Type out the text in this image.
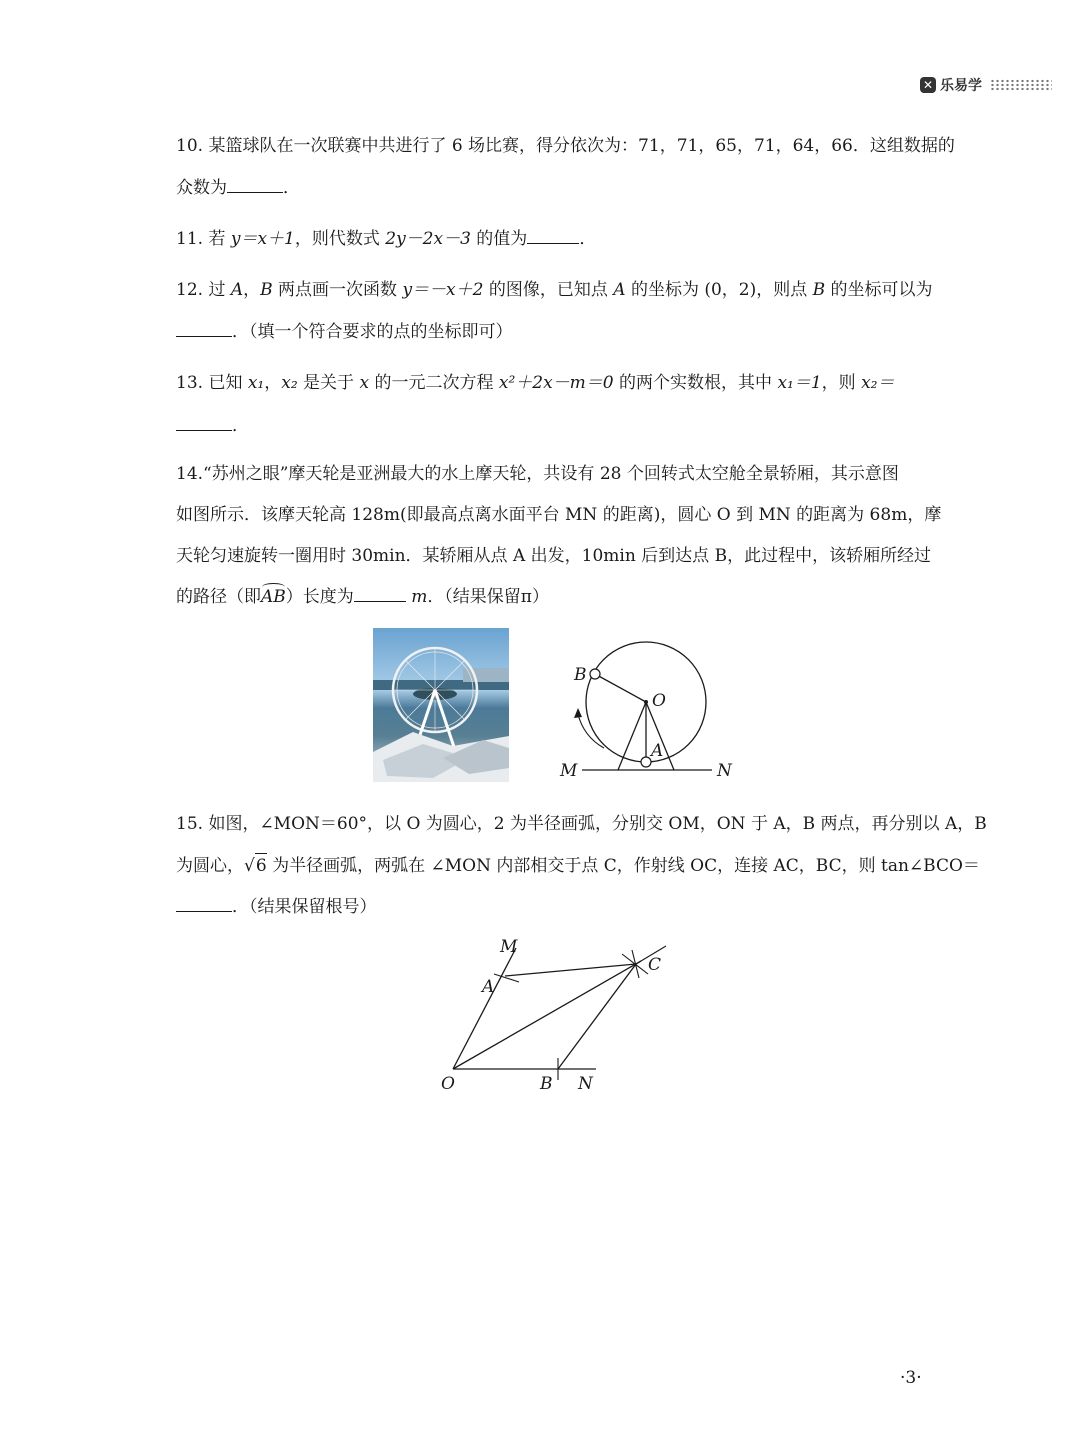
✕ 乐易学
10. 某篮球队在一次联赛中共进行了 6 场比赛，得分依次为：71，71，65，71，64，66．这组数据的
众数为	．
11. 若 y＝x＋1，则代数式 2y－2x－3 的值为	．
12. 过 A，B 两点画一次函数 y＝－x＋2 的图像，已知点 A 的坐标为 (0，2)，则点 B 的坐标可以为
．（填一个符合要求的点的坐标即可）
13. 已知 x₁，x₂ 是关于 x 的一元二次方程 x²＋2x－m＝0 的两个实数根，其中 x₁＝1，则 x₂＝
．
14.“苏州之眼”摩天轮是亚洲最大的水上摩天轮，共设有 28 个回转式太空舱全景轿厢，其示意图
如图所示．该摩天轮高 128m(即最高点离水面平台 MN 的距离)，圆心 O 到 MN 的距离为 68m，摩
天轮匀速旋转一圈用时 30min．某轿厢从点 A 出发，10min 后到达点 B，此过程中，该轿厢所经过
的路径（即AB）长度为	m．（结果保留π）
B
O
A
M	N
15. 如图，∠MON＝60°，以 O 为圆心，2 为半径画弧，分别交 OM，ON 于 A，B 两点，再分别以 A，B
为圆心，√6 为半径画弧，两弧在 ∠MON 内部相交于点 C，作射线 OC，连接 AC，BC，则 tan∠BCO＝
．（结果保留根号）
M
A
C
O	B N
·3·
